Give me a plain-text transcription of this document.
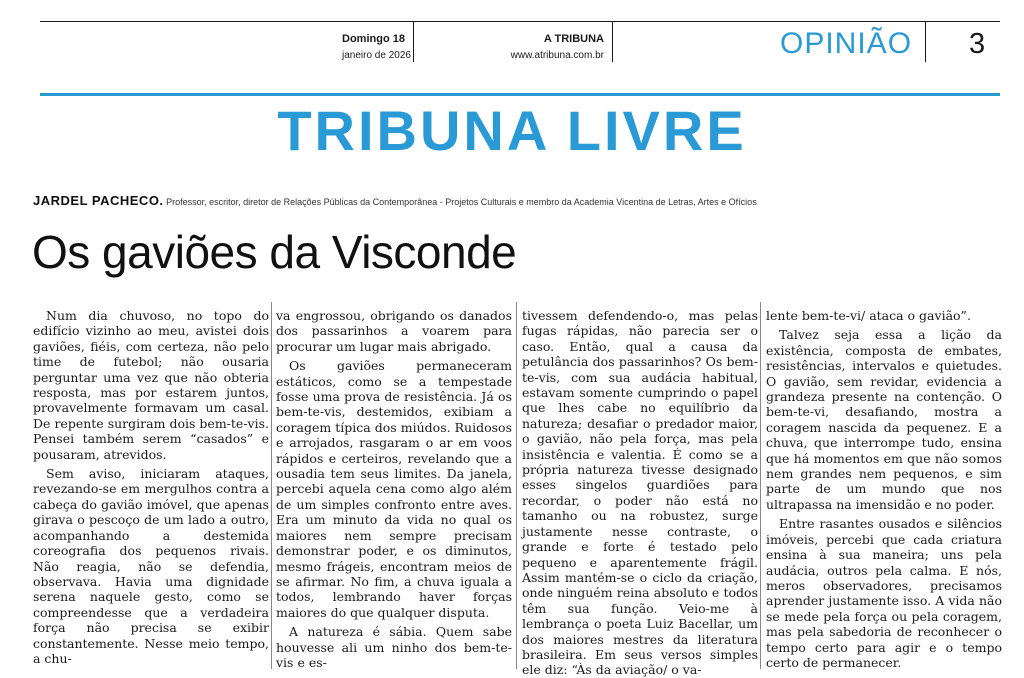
Domingo 18
janeiro de 2026
A TRIBUNA
www.atribuna.com.br	OPINIÃO 3
TRIBUNA LIVRE
JARDEL PACHECO. Professor, escritor, diretor de Relações Públicas da Contemporânea - Projetos Culturais e membro da Academia Vicentina de Letras, Artes e Ofícios
Os gaviões da Visconde

Num dia chuvoso, no topo do edifício vizinho ao meu, avistei dois gaviões, fiéis, com certeza, não pelo time de futebol; não ousaria perguntar uma vez que não obteria resposta, mas por estarem juntos, provavelmente formavam um casal. De repente surgiram dois bem-te-vis. Pensei também serem “casados” e pousaram, atrevidos.

Sem aviso, iniciaram ataques, revezando-se em mergulhos contra a cabeça do gavião imóvel, que apenas girava o pescoço de um lado a outro, acompanhando a destemida coreografia dos pequenos rivais. Não reagia, não se defendia, observava. Havia uma dignidade serena naquele gesto, como se compreendesse que a verdadeira força não precisa se exibir constantemente. Nesse meio tempo, a chu-

va engrossou, obrigando os danados dos passarinhos a voarem para procurar um lugar mais abrigado.

Os gaviões permaneceram estáticos, como se a tempestade fosse uma prova de resistência. Já os bem-te-vis, destemidos, exibiam a coragem típica dos miúdos. Ruidosos e arrojados, rasgaram o ar em voos rápidos e certeiros, revelando que a ousadia tem seus limites. Da janela, percebi aquela cena como algo além de um simples confronto entre aves. Era um minuto da vida no qual os maiores nem sempre precisam demonstrar poder, e os diminutos, mesmo frágeis, encontram meios de se afirmar. No fim, a chuva iguala a todos, lembrando haver forças maiores do que qualquer disputa.

A natureza é sábia. Quem sabe houvesse ali um ninho dos bem-te-vis e es-

tivessem defendendo-o, mas pelas fugas rápidas, não parecia ser o caso. Então, qual a causa da petulância dos passarinhos? Os bem-te-vis, com sua audácia habitual, estavam somente cumprindo o papel que lhes cabe no equilíbrio da natureza; desafiar o predador maior, o gavião, não pela força, mas pela insistência e valentia. É como se a própria natureza tivesse designado esses singelos guardiões para recordar, o poder não está no tamanho ou na robustez, surge justamente nesse contraste, o grande e forte é testado pelo pequeno e aparentemente frágil. Assim mantém-se o ciclo da criação, onde ninguém reina absoluto e todos têm sua função. Veio-me à lembrança o poeta Luiz Bacellar, um dos maiores mestres da literatura brasileira. Em seus versos simples ele diz: “Às da aviação/ o va-

lente bem-te-vi/ ataca o gavião”.

Talvez seja essa a lição da existência, composta de embates, resistências, intervalos e quietudes. O gavião, sem revidar, evidencia a grandeza presente na contenção. O bem-te-vi, desafiando, mostra a coragem nascida da pequenez. E a chuva, que interrompe tudo, ensina que há momentos em que não somos nem grandes nem pequenos, e sim parte de um mundo que nos ultrapassa na imensidão e no poder.

Entre rasantes ousados e silêncios imóveis, percebi que cada criatura ensina à sua maneira; uns pela audácia, outros pela calma. E nós, meros observadores, precisamos aprender justamente isso. A vida não se mede pela força ou pela coragem, mas pela sabedoria de reconhecer o tempo certo para agir e o tempo certo de permanecer.
